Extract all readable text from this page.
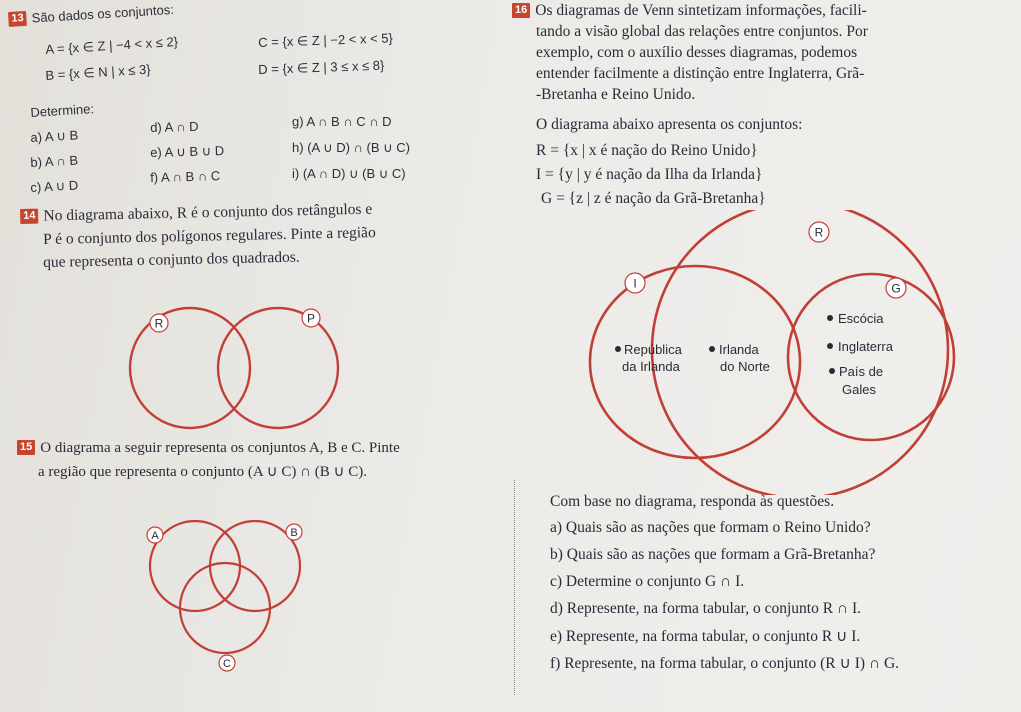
13 São dados os conjuntos:
A = {x ∈ Z | −4 < x ≤ 2}
B = {x ∈ N | x ≤ 3}
C = {x ∈ Z | −2 < x < 5}
D = {x ∈ Z | 3 ≤ x ≤ 8}
Determine:
a) A ∪ B
b) A ∩ B
c) A ∪ D
d) A ∩ D
e) A ∪ B ∪ D
f) A ∩ B ∩ C
g) A ∩ B ∩ C ∩ D
h) (A ∪ D) ∩ (B ∪ C)
i) (A ∩ D) ∪ (B ∪ C)
14 No diagrama abaixo, R é o conjunto dos retângulos e
P é o conjunto dos polígonos regulares. Pinte a região
que representa o conjunto dos quadrados.
R	P
15 O diagrama a seguir representa os conjuntos A, B e C. Pinte
a região que representa o conjunto (A ∪ C) ∩ (B ∪ C).
A	B
C
16 Os diagramas de Venn sintetizam informações, facili-
tando a visão global das relações entre conjuntos. Por
exemplo, com o auxílio desses diagramas, podemos
entender facilmente a distinção entre Inglaterra, Grã-
-Bretanha e Reino Unido.
O diagrama abaixo apresenta os conjuntos:
R = {x | x é nação do Reino Unido}
I = {y | y é nação da Ilha da Irlanda}
G = {z | z é nação da Grã-Bretanha}
R
I	G
República
da Irlanda
Irlanda
do Norte
Escócia
Inglaterra
País de
Gales
Com base no diagrama, responda às questões.
a) Quais são as nações que formam o Reino Unido?
b) Quais são as nações que formam a Grã-Bretanha?
c) Determine o conjunto G ∩ I.
d) Represente, na forma tabular, o conjunto R ∩ I.
e) Represente, na forma tabular, o conjunto R ∪ I.
f) Represente, na forma tabular, o conjunto (R ∪ I) ∩ G.
